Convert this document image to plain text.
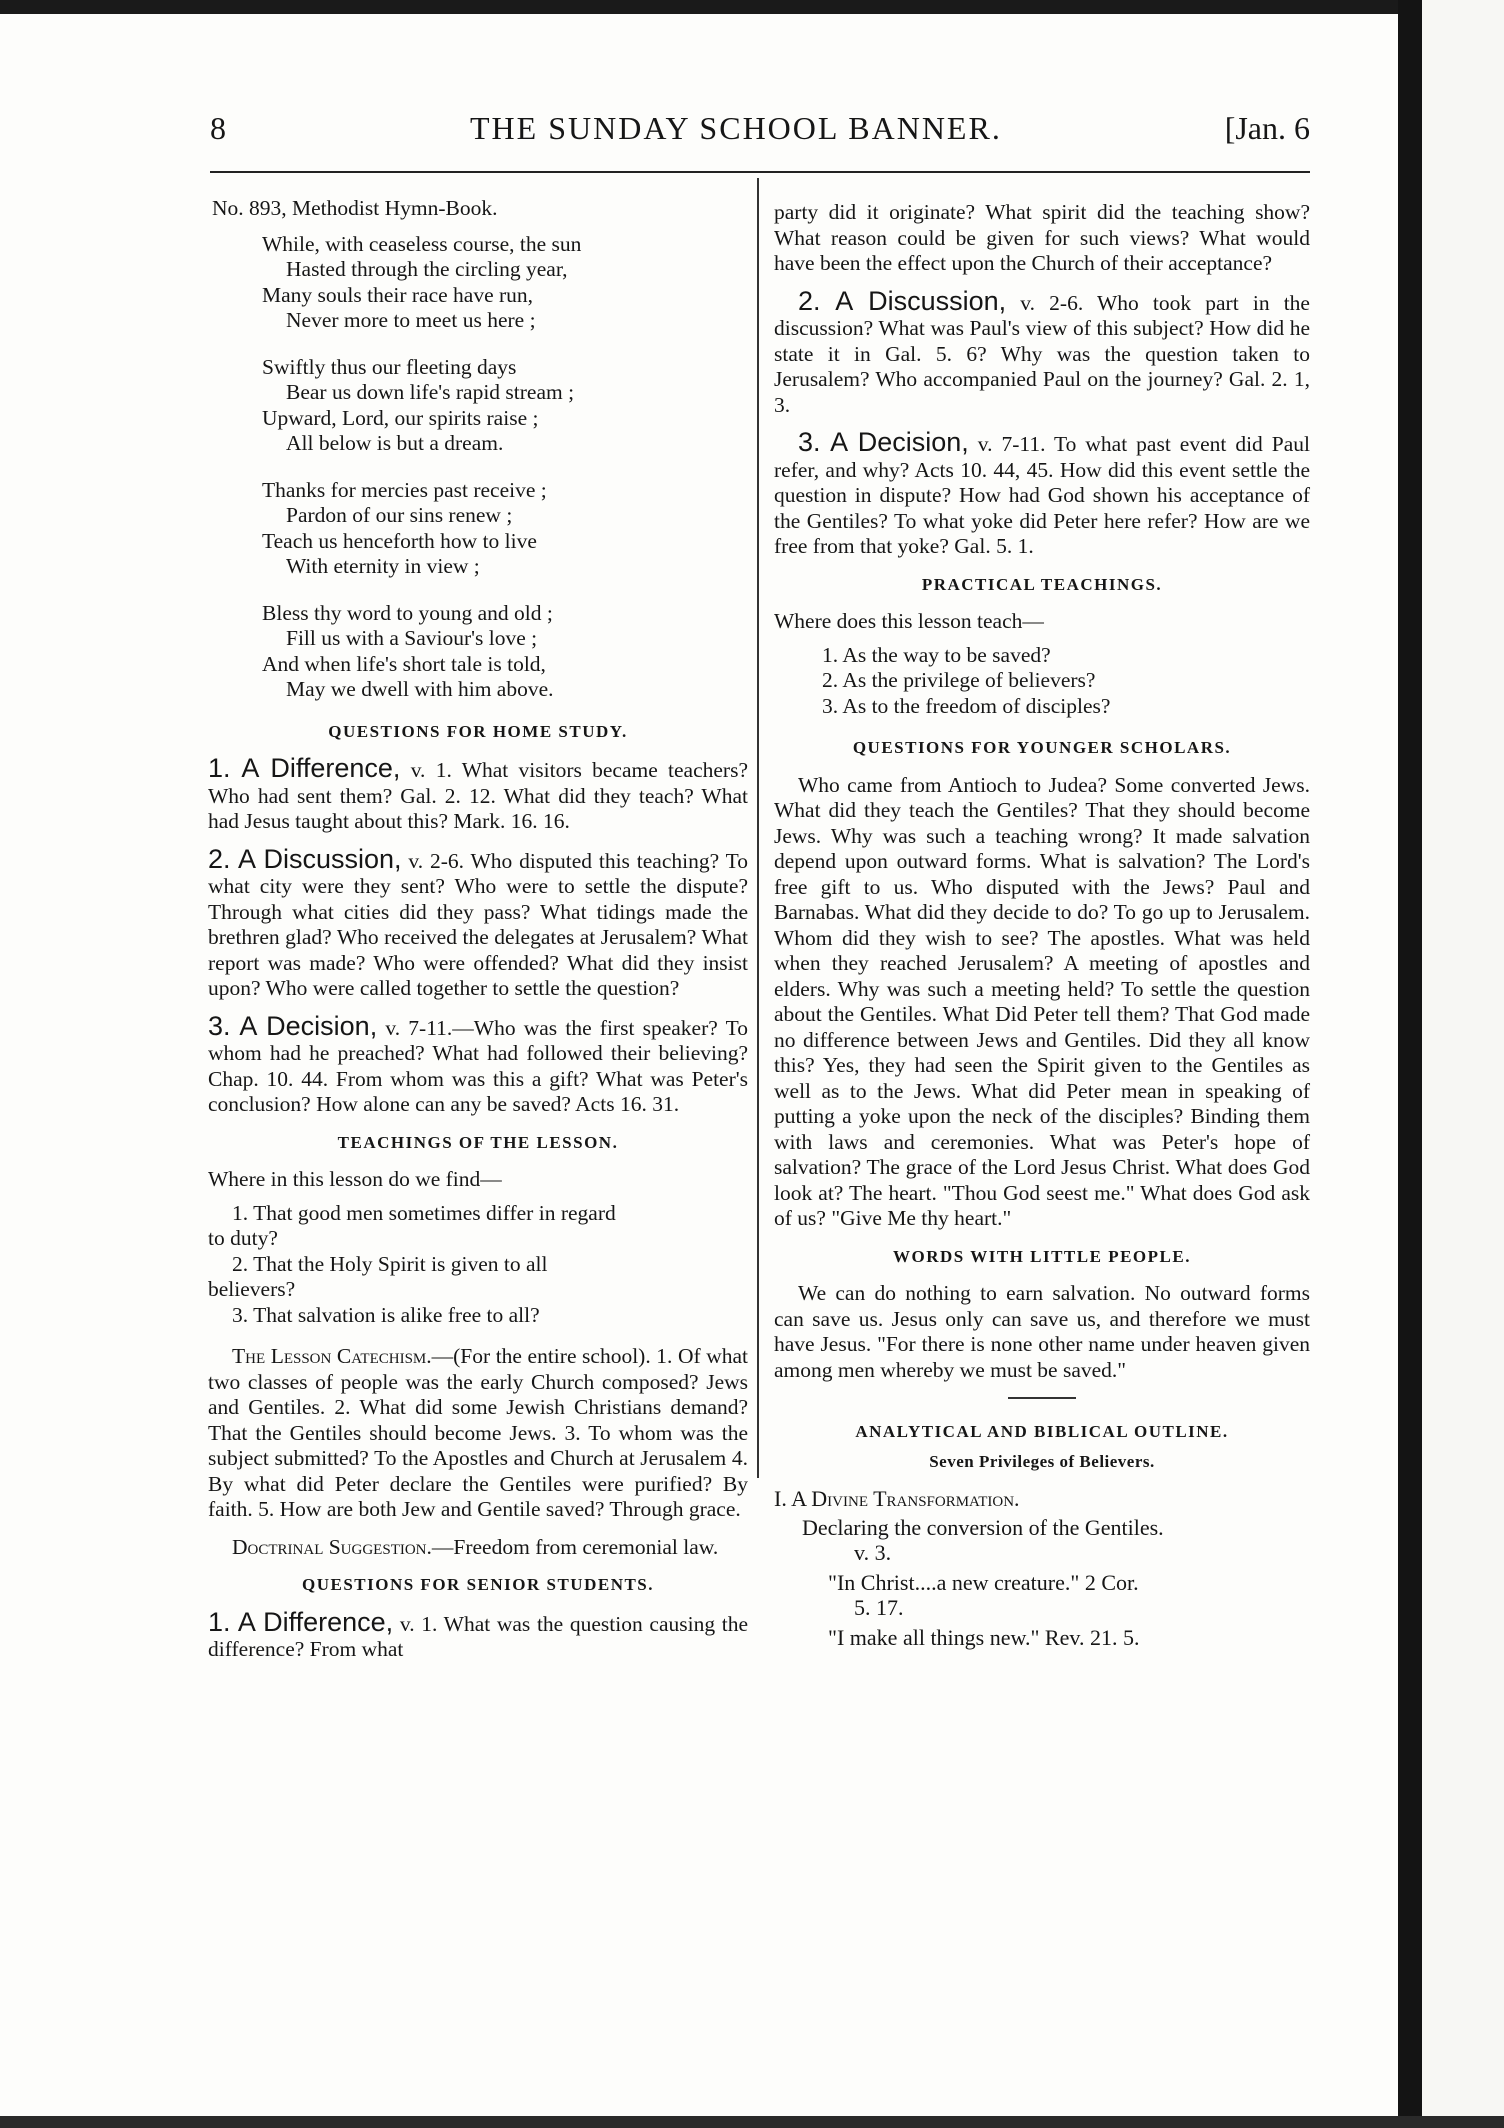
8	THE SUNDAY SCHOOL BANNER.	[Jan. 6

No. 893, Methodist Hymn-Book.

While, with ceaseless course, the sun
Hasted through the circling year,
Many souls their race have run,
Never more to meet us here ;
Swiftly thus our fleeting days
Bear us down life's rapid stream ;
Upward, Lord, our spirits raise ;
All below is but a dream.
Thanks for mercies past receive ;
Pardon of our sins renew ;
Teach us henceforth how to live
With eternity in view ;
Bless thy word to young and old ;
Fill us with a Saviour's love ;
And when life's short tale is told,
May we dwell with him above.
QUESTIONS FOR HOME STUDY.

1. A Difference, v. 1. What visitors became teachers? Who had sent them? Gal. 2. 12. What did they teach? What had Jesus taught about this? Mark. 16. 16.

2. A Discussion, v. 2-6. Who disputed this teaching? To what city were they sent? Who were to settle the dispute? Through what cities did they pass? What tidings made the brethren glad? Who received the delegates at Jerusalem? What report was made? Who were offended? What did they insist upon? Who were called together to settle the question?

3. A Decision, v. 7-11.—Who was the first speaker? To whom had he preached? What had followed their believing? Chap. 10. 44. From whom was this a gift? What was Peter's conclusion? How alone can any be saved? Acts 16. 31.

TEACHINGS OF THE LESSON.

Where in this lesson do we find—

1. That good men sometimes differ in regard
to duty?
2. That the Holy Spirit is given to all
believers?
3. That salvation is alike free to all?

The Lesson Catechism.—(For the entire school). 1. Of what two classes of people was the early Church composed? Jews and Gentiles. 2. What did some Jewish Christians demand? That the Gentiles should become Jews. 3. To whom was the subject submitted? To the Apostles and Church at Jerusalem 4. By what did Peter declare the Gentiles were purified? By faith. 5. How are both Jew and Gentile saved? Through grace.

Doctrinal Suggestion.—Freedom from ceremonial law.

QUESTIONS FOR SENIOR STUDENTS.

1. A Difference, v. 1. What was the question causing the difference? From what

party did it originate? What spirit did the teaching show? What reason could be given for such views? What would have been the effect upon the Church of their acceptance?

2. A Discussion, v. 2-6. Who took part in the discussion? What was Paul's view of this subject? How did he state it in Gal. 5. 6? Why was the question taken to Jerusalem? Who accompanied Paul on the journey? Gal. 2. 1, 3.

3. A Decision, v. 7-11. To what past event did Paul refer, and why? Acts 10. 44, 45. How did this event settle the question in dispute? How had God shown his acceptance of the Gentiles? To what yoke did Peter here refer? How are we free from that yoke? Gal. 5. 1.

PRACTICAL TEACHINGS.

Where does this lesson teach—

1. As the way to be saved?
2. As the privilege of believers?
3. As to the freedom of disciples?
QUESTIONS FOR YOUNGER SCHOLARS.

Who came from Antioch to Judea? Some converted Jews. What did they teach the Gentiles? That they should become Jews. Why was such a teaching wrong? It made salvation depend upon outward forms. What is salvation? The Lord's free gift to us. Who disputed with the Jews? Paul and Barnabas. What did they decide to do? To go up to Jerusalem. Whom did they wish to see? The apostles. What was held when they reached Jerusalem? A meeting of apostles and elders. Why was such a meeting held? To settle the question about the Gentiles. What Did Peter tell them? That God made no difference between Jews and Gentiles. Did they all know this? Yes, they had seen the Spirit given to the Gentiles as well as to the Jews. What did Peter mean in speaking of putting a yoke upon the neck of the disciples? Binding them with laws and ceremonies. What was Peter's hope of salvation? The grace of the Lord Jesus Christ. What does God look at? The heart. "Thou God seest me." What does God ask of us? "Give Me thy heart."

WORDS WITH LITTLE PEOPLE.

We can do nothing to earn salvation. No outward forms can save us. Jesus only can save us, and therefore we must have Jesus. "For there is none other name under heaven given among men whereby we must be saved."

ANALYTICAL AND BIBLICAL OUTLINE.
Seven Privileges of Believers.
I. A Divine Transformation.
Declaring the conversion of the Gentiles.
v. 3.
"In Christ....a new creature." 2 Cor.
5. 17.
"I make all things new." Rev. 21. 5.
